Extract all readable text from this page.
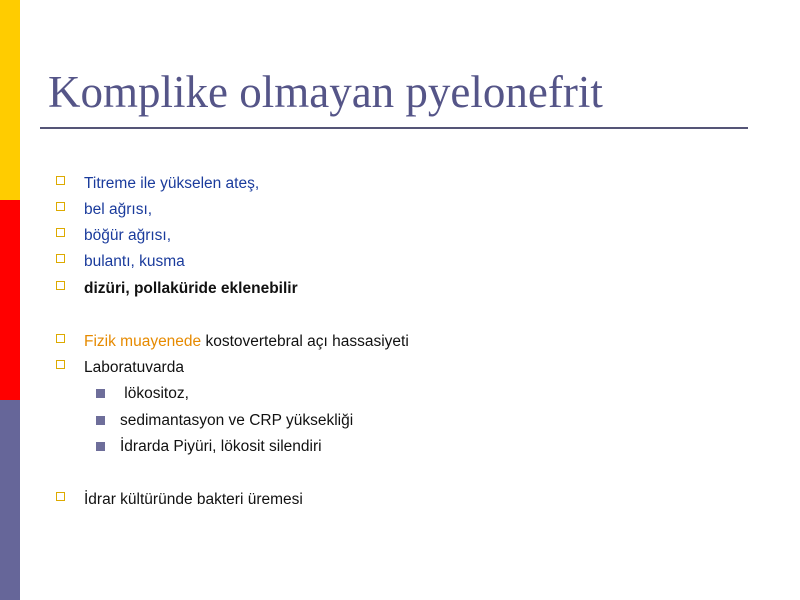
Komplike olmayan pyelonefrit
Titreme ile yükselen ateş,
bel ağrısı,
böğür ağrısı,
bulantı, kusma
dizüri, pollaküride eklenebilir
Fizik muayenede kostovertebral açı hassasiyeti
Laboratuvarda
lökositoz,
sedimantasyon ve CRP yüksekliği
İdrarda Piyüri, lökosit silendiri
İdrar kültüründe bakteri üremesi
